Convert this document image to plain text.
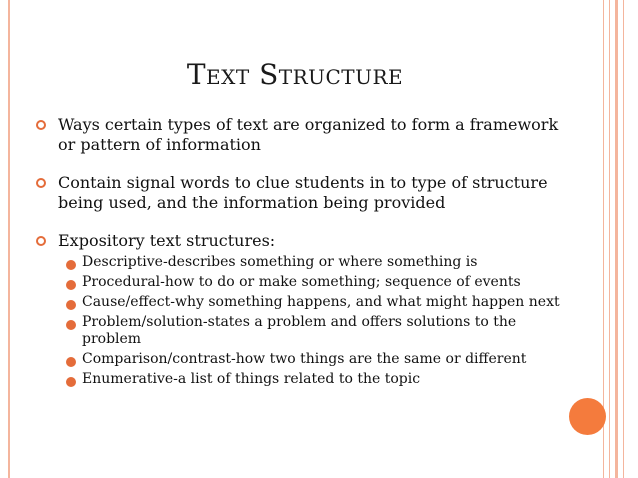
Text Structure
Ways certain types of text are organized to form a framework or pattern of information
Contain signal words to clue students in to type of structure being used, and the information being provided
Expository text structures:
Descriptive-describes something or where something is
Procedural-how to do or make something; sequence of events
Cause/effect-why something happens, and what might happen next
Problem/solution-states a problem and offers solutions to the problem
Comparison/contrast-how two things are the same or different
Enumerative-a list of things related to the topic
